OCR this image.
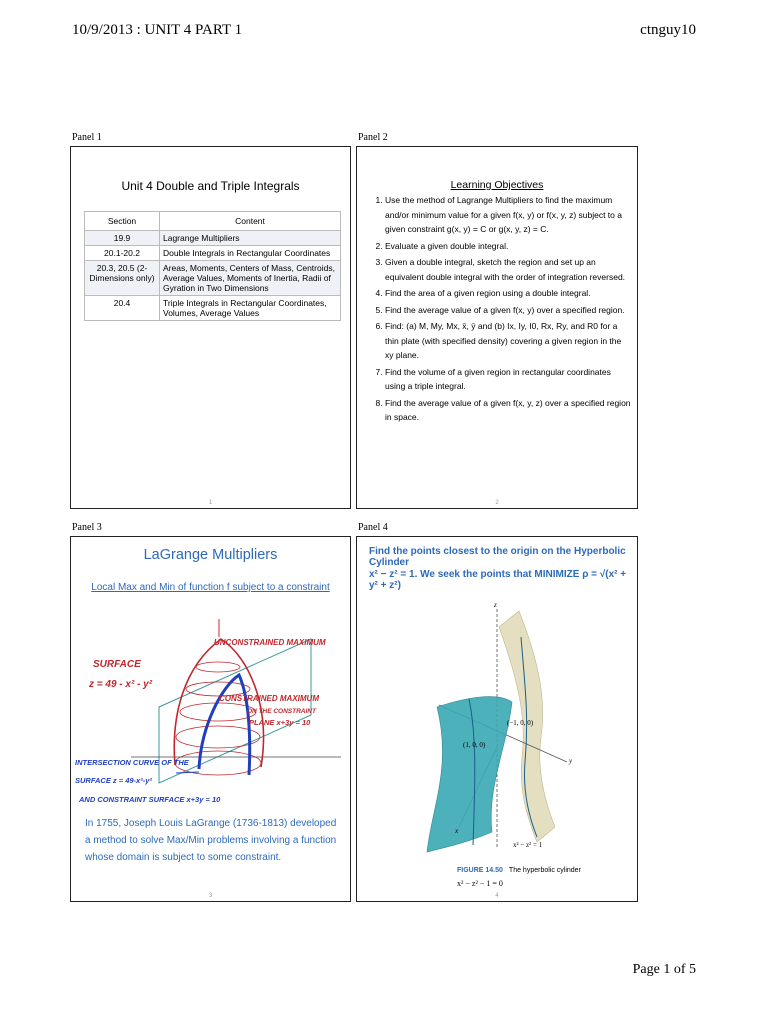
10/9/2013 : UNIT 4 PART 1	ctnguy10
Panel 1
Unit 4 Double and Triple Integrals
Section	Content
19.9	Lagrange Multipliers
20.1-20.2	Double Integrals in Rectangular Coordinates
20.3, 20.5 (2-Dimensions only)	Areas, Moments, Centers of Mass, Centroids, Average Values, Moments of Inertia, Radii of Gyration in Two Dimensions
20.4	Triple Integrals in Rectangular Coordinates, Volumes, Average Values
1
Panel 2
Learning Objectives
1. Use the method of Lagrange Multipliers to find the maximum and/or minimum value for a given f(x, y) or f(x, y, z) subject to a given constraint g(x, y) = C or g(x, y, z) = C.
2. Evaluate a given double integral.
3. Given a double integral, sketch the region and set up an equivalent double integral with the order of integration reversed.
4. Find the area of a given region using a double integral.
5. Find the average value of a given f(x, y) over a specified region.
6. Find: (a) M, My, Mx, x̄, ȳ and (b) Ix, Iy, I0, Rx, Ry, and R0 for a thin plate (with specified density) covering a given region in the xy plane.
7. Find the volume of a given region in rectangular coordinates using a triple integral.
8. Find the average value of a given f(x, y, z) over a specified region in space.
2
Panel 3
LaGrange Multipliers
Local Max and Min of function f subject to a constraint
UNCONSTRAINED MAXIMUM
SURFACE
z = 49 - x² - y²
CONSTRAINED MAXIMUM
ON THE CONSTRAINT
PLANE x+3y = 10
INTERSECTION CURVE OF THE
SURFACE z = 49-x²-y²
AND CONSTRAINT SURFACE x+3y = 10
In 1755, Joseph Louis LaGrange (1736-1813) developed a method to solve Max/Min problems involving a function whose domain is subject to some constraint.
3
Panel 4
Find the points closest to the origin on the Hyperbolic Cylinder
x² − z² = 1. We seek the points that MINIMIZE ρ = √(x² + y² + z²)
z
y
x
(−1, 0, 0)
(1, 0, 0)
x² − z² = 1
FIGURE 14.50 The hyperbolic cylinder
x² − z² − 1 = 0
4
Page 1 of 5
